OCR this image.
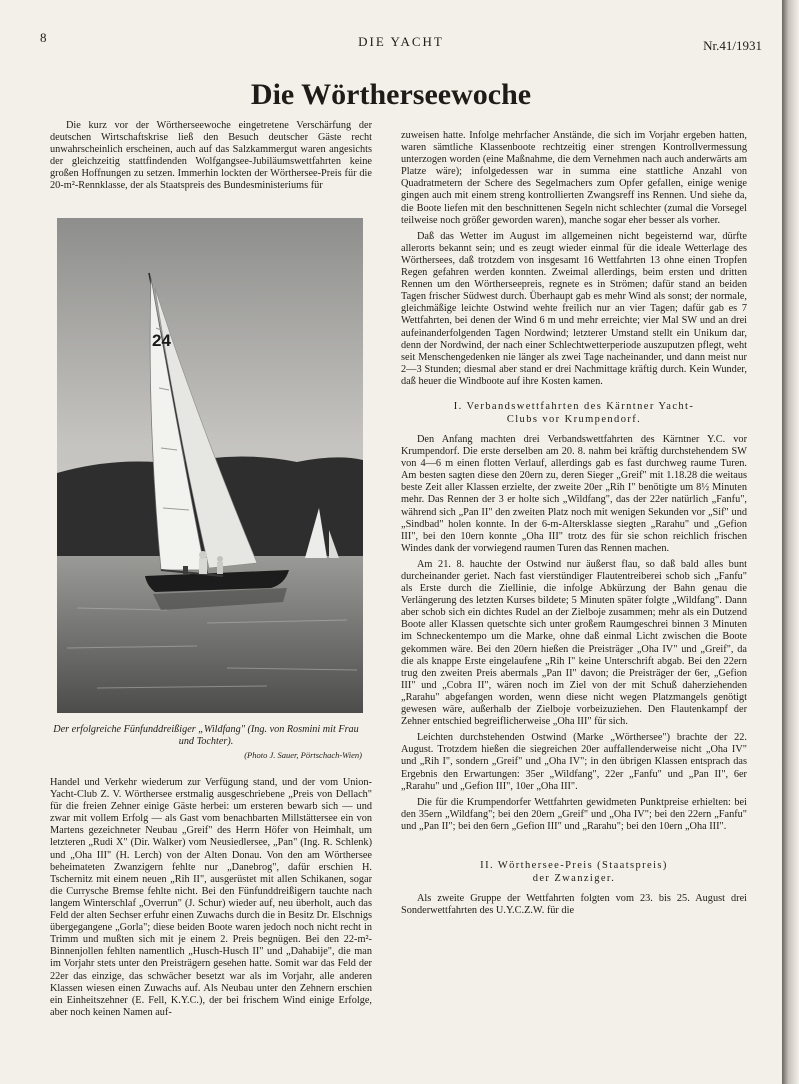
8	DIE YACHT	Nr.41/1931
Die Wörtherseewoche

Die kurz vor der Wörtherseewoche eingetretene Verschärfung der deutschen Wirtschaftskrise ließ den Besuch deutscher Gäste recht unwahrscheinlich erscheinen, auch auf das Salzkammergut waren angesichts der gleichzeitig stattfindenden Wolfgangsee-Jubiläumswettfahrten keine großen Hoffnungen zu setzen. Immerhin lockten der Wörthersee-Preis für die 20-m²-Rennklasse, der als Staatspreis des Bundesministeriums für

24
Der erfolgreiche Fünfunddreißiger „Wildfang" (Ing. von Rosmini mit Frau und Tochter).
(Photo J. Sauer, Pörtschach-Wien)

Handel und Verkehr wiederum zur Verfügung stand, und der vom Union-Yacht-Club Z. V. Wörthersee erstmalig ausgeschriebene „Preis von Dellach" für die freien Zehner einige Gäste herbei: um ersteren bewarb sich — und zwar mit vollem Erfolg — als Gast vom benachbarten Millstättersee ein von Martens gezeichneter Neubau „Greif" des Herrn Höfer von Heimhalt, um letzteren „Rudi X" (Dir. Walker) vom Neusiedlersee, „Pan" (Ing. R. Schlenk) und „Oha III" (H. Lerch) von der Alten Donau. Von den am Wörthersee beheimateten Zwanzigern fehlte nur „Danebrog", dafür erschien H. Tschernitz mit einem neuen „Rih II", ausgerüstet mit allen Schikanen, sogar die Currysche Bremse fehlte nicht. Bei den Fünfunddreißigern tauchte nach langem Winterschlaf „Overrun" (J. Schur) wieder auf, neu überholt, auch das Feld der alten Sechser erfuhr einen Zuwachs durch die in Besitz Dr. Elschnigs übergegangene „Gorla"; diese beiden Boote waren jedoch noch nicht recht in Trimm und mußten sich mit je einem 2. Preis begnügen. Bei den 22-m²-Binnenjollen fehlten namentlich „Husch-Husch II" und „Dahabije", die man im Vorjahr stets unter den Preisträgern gesehen hatte. Somit war das Feld der 22er das einzige, das schwächer besetzt war als im Vorjahr, alle anderen Klassen wiesen einen Zuwachs auf. Als Neubau unter den Zehnern erschien ein Einheitszehner (E. Fell, K.Y.C.), der bei frischem Wind einige Erfolge, aber noch keinen Namen auf-

zuweisen hatte. Infolge mehrfacher Anstände, die sich im Vorjahr ergeben hatten, waren sämtliche Klassenboote rechtzeitig einer strengen Kontrollvermessung unterzogen worden (eine Maßnahme, die dem Vernehmen nach auch anderwärts am Platze wäre); infolgedessen war in summa eine stattliche Anzahl von Quadratmetern der Schere des Segelmachers zum Opfer gefallen, einige wenige gingen auch mit einem streng kontrollierten Zwangsreff ins Rennen. Und siehe da, die Boote liefen mit den beschnittenen Segeln nicht schlechter (zumal die Vorsegel teilweise noch größer geworden waren), manche sogar eher besser als vorher.

Daß das Wetter im August im allgemeinen nicht begeisternd war, dürfte allerorts bekannt sein; und es zeugt wieder einmal für die ideale Wetterlage des Wörthersees, daß trotzdem von insgesamt 16 Wettfahrten 13 ohne einen Tropfen Regen gefahren werden konnten. Zweimal allerdings, beim ersten und dritten Rennen um den Wörtherseepreis, regnete es in Strömen; dafür stand an beiden Tagen frischer Südwest durch. Überhaupt gab es mehr Wind als sonst; der normale, gleichmäßige leichte Ostwind wehte freilich nur an vier Tagen; dafür gab es 7 Wettfahrten, bei denen der Wind 6 m und mehr erreichte; vier Mal SW und an drei aufeinanderfolgenden Tagen Nordwind; letzterer Umstand stellt ein Unikum dar, denn der Nordwind, der nach einer Schlechtwetterperiode auszuputzen pflegt, weht seit Menschengedenken nie länger als zwei Tage nacheinander, und dann meist nur 2—3 Stunden; diesmal aber stand er drei Nachmittage kräftig durch. Kein Wunder, daß heuer die Windboote auf ihre Kosten kamen.

I. Verbandswettfahrten des Kärntner Yacht-
Clubs vor Krumpendorf.

Den Anfang machten drei Verbandswettfahrten des Kärntner Y.C. vor Krumpendorf. Die erste derselben am 20. 8. nahm bei kräftig durchstehendem SW von 4—6 m einen flotten Verlauf, allerdings gab es fast durchweg raume Turen. Am besten sagten diese den 20ern zu, deren Sieger „Greif" mit 1.18.28 die weitaus beste Zeit aller Klassen erzielte, der zweite 20er „Rih I" benötigte um 8½ Minuten mehr. Das Rennen der 3 er holte sich „Wildfang", das der 22er natürlich „Fanfu", während sich „Pan II" den zweiten Platz noch mit wenigen Sekunden vor „Sif" und „Sindbad" holen konnte. In der 6-m-Altersklasse siegten „Rarahu" und „Gefion III", bei den 10ern konnte „Oha III" trotz des für sie schon reichlich frischen Windes dank der vorwiegend raumen Turen das Rennen machen.

Am 21. 8. hauchte der Ostwind nur äußerst flau, so daß bald alles bunt durcheinander geriet. Nach fast vierstündiger Flautentreiberei schob sich „Fanfu" als Erste durch die Ziellinie, die infolge Abkürzung der Bahn genau die Verlängerung des letzten Kurses bildete; 5 Minuten später folgte „Wildfang". Dann aber schob sich ein dichtes Rudel an der Zielboje zusammen; mehr als ein Dutzend Boote aller Klassen quetschte sich unter großem Raumgeschrei binnen 3 Minuten im Schneckentempo um die Marke, ohne daß einmal Licht zwischen die Boote gekommen wäre. Bei den 20ern hießen die Preisträger „Oha IV" und „Greif", da die als knappe Erste eingelaufene „Rih I" keine Unterschrift abgab. Bei den 22ern trug den zweiten Preis abermals „Pan II" davon; die Preisträger der 6er, „Gefion III" und „Cobra II", wären noch im Ziel von der mit Schuß daherziehenden „Rarahu" abgefangen worden, wenn diese nicht wegen Platzmangels genötigt gewesen wäre, außerhalb der Zielboje vorbeizuziehen. Den Flautenkampf der Zehner entschied begreiflicherweise „Oha III" für sich.

Leichten durchstehenden Ostwind (Marke „Wörthersee") brachte der 22. August. Trotzdem hießen die siegreichen 20er auffallenderweise nicht „Oha IV" und „Rih I", sondern „Greif" und „Oha IV"; in den übrigen Klassen entsprach das Ergebnis den Erwartungen: 35er „Wildfang", 22er „Fanfu" und „Pan II", 6er „Rarahu" und „Gefion III", 10er „Oha III".

Die für die Krumpendorfer Wettfahrten gewidmeten Punktpreise erhielten: bei den 35ern „Wildfang"; bei den 20ern „Greif" und „Oha IV"; bei den 22ern „Fanfu" und „Pan II"; bei den 6ern „Gefion III" und „Rarahu"; bei den 10ern „Oha III".

II. Wörthersee-Preis (Staatspreis)
der Zwanziger.

Als zweite Gruppe der Wettfahrten folgten vom 23. bis 25. August drei Sonderwettfahrten des U.Y.C.Z.W. für die
